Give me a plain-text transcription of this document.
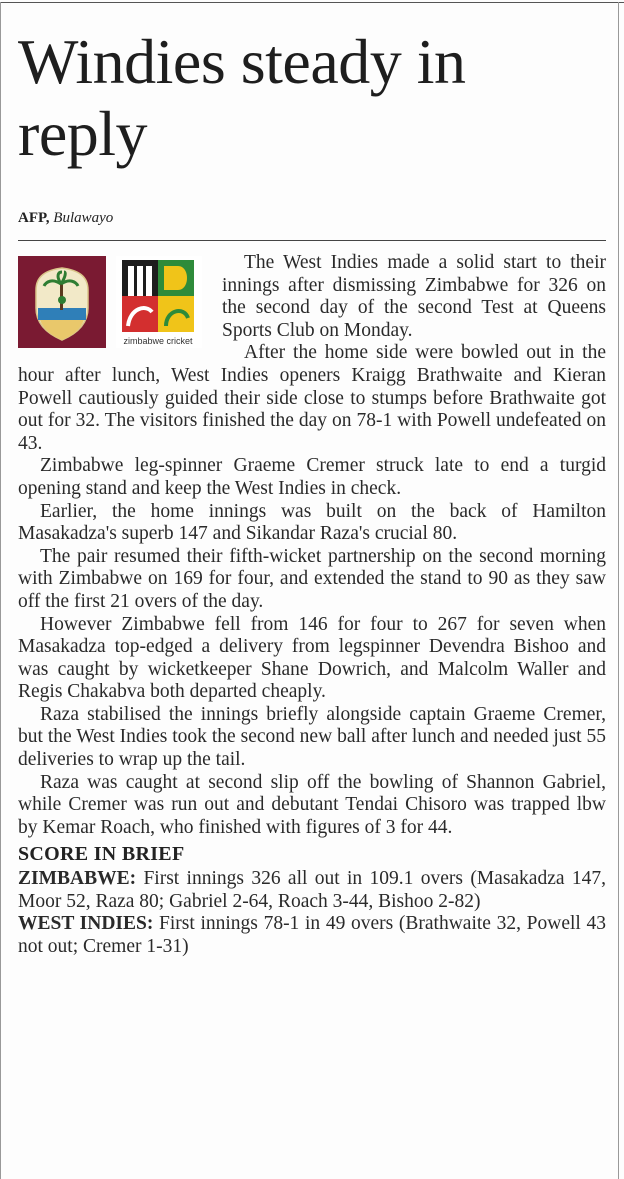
Windies steady in reply
AFP, Bulawayo
zimbabwe cricket

The West Indies made a solid start to their innings after dismissing Zimbabwe for 326 on the second day of the second Test at Queens Sports Club on Monday.

After the home side were bowled out in the hour after lunch, West Indies openers Kraigg Brathwaite and Kieran Powell cautiously guided their side close to stumps before Brathwaite got out for 32. The visitors finished the day on 78-1 with Powell undefeated on 43.

Zimbabwe leg-spinner Graeme Cremer struck late to end a turgid opening stand and keep the West Indies in check.

Earlier, the home innings was built on the back of Hamilton Masakadza's superb 147 and Sikandar Raza's crucial 80.

The pair resumed their fifth-wicket partnership on the second morning with Zimbabwe on 169 for four, and extended the stand to 90 as they saw off the first 21 overs of the day.

However Zimbabwe fell from 146 for four to 267 for seven when Masakadza top-edged a delivery from legspinner Devendra Bishoo and was caught by wicketkeeper Shane Dowrich, and Malcolm Waller and Regis Chakabva both departed cheaply.

Raza stabilised the innings briefly alongside captain Graeme Cremer, but the West Indies took the second new ball after lunch and needed just 55 deliveries to wrap up the tail.

Raza was caught at second slip off the bowling of Shannon Gabriel, while Cremer was run out and debutant Tendai Chisoro was trapped lbw by Kemar Roach, who finished with figures of 3 for 44.

SCORE IN BRIEF

ZIMBABWE: First innings 326 all out in 109.1 overs (Masakadza 147, Moor 52, Raza 80; Gabriel 2-64, Roach 3-44, Bishoo 2-82)

WEST INDIES: First innings 78-1 in 49 overs (Brathwaite 32, Powell 43 not out; Cremer 1-31)
